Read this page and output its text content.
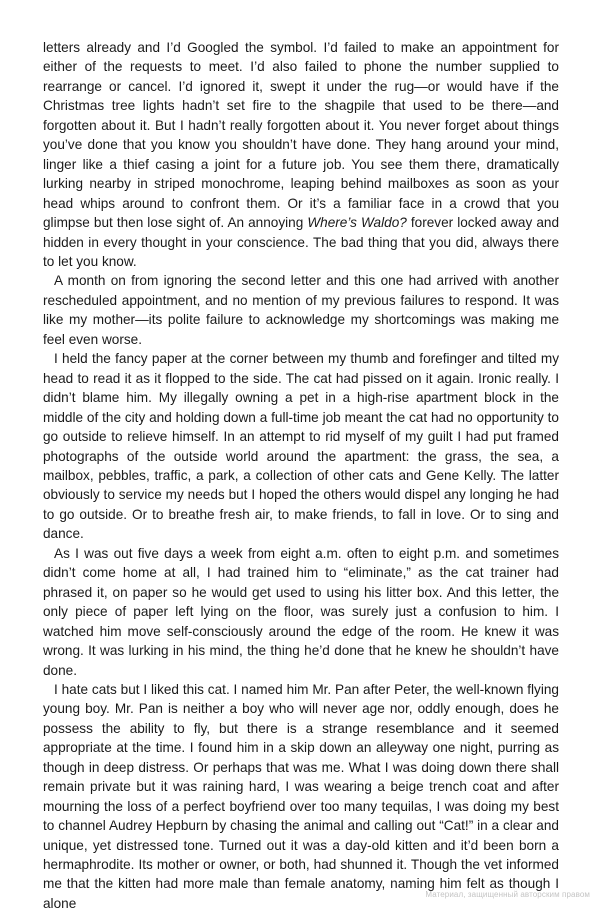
letters already and I’d Googled the symbol. I’d failed to make an appointment for either of the requests to meet. I’d also failed to phone the number supplied to rearrange or cancel. I’d ignored it, swept it under the rug—or would have if the Christmas tree lights hadn’t set fire to the shagpile that used to be there—and forgotten about it. But I hadn’t really forgotten about it. You never forget about things you’ve done that you know you shouldn’t have done. They hang around your mind, linger like a thief casing a joint for a future job. You see them there, dramatically lurking nearby in striped monochrome, leaping behind mailboxes as soon as your head whips around to confront them. Or it’s a familiar face in a crowd that you glimpse but then lose sight of. An annoying Where’s Waldo? forever locked away and hidden in every thought in your conscience. The bad thing that you did, always there to let you know.

A month on from ignoring the second letter and this one had arrived with another rescheduled appointment, and no mention of my previous failures to respond. It was like my mother—its polite failure to acknowledge my shortcomings was making me feel even worse.

I held the fancy paper at the corner between my thumb and forefinger and tilted my head to read it as it flopped to the side. The cat had pissed on it again. Ironic really. I didn’t blame him. My illegally owning a pet in a high-rise apartment block in the middle of the city and holding down a full-time job meant the cat had no opportunity to go outside to relieve himself. In an attempt to rid myself of my guilt I had put framed photographs of the outside world around the apartment: the grass, the sea, a mailbox, pebbles, traffic, a park, a collection of other cats and Gene Kelly. The latter obviously to service my needs but I hoped the others would dispel any longing he had to go outside. Or to breathe fresh air, to make friends, to fall in love. Or to sing and dance.

As I was out five days a week from eight a.m. often to eight p.m. and sometimes didn’t come home at all, I had trained him to “eliminate,” as the cat trainer had phrased it, on paper so he would get used to using his litter box. And this letter, the only piece of paper left lying on the floor, was surely just a confusion to him. I watched him move self-consciously around the edge of the room. He knew it was wrong. It was lurking in his mind, the thing he’d done that he knew he shouldn’t have done.

I hate cats but I liked this cat. I named him Mr. Pan after Peter, the well-known flying young boy. Mr. Pan is neither a boy who will never age nor, oddly enough, does he possess the ability to fly, but there is a strange resemblance and it seemed appropriate at the time. I found him in a skip down an alleyway one night, purring as though in deep distress. Or perhaps that was me. What I was doing down there shall remain private but it was raining hard, I was wearing a beige trench coat and after mourning the loss of a perfect boyfriend over too many tequilas, I was doing my best to channel Audrey Hepburn by chasing the animal and calling out “Cat!” in a clear and unique, yet distressed tone. Turned out it was a day-old kitten and it’d been born a hermaphrodite. Its mother or owner, or both, had shunned it. Though the vet informed me that the kitten had more male than female anatomy, naming him felt as though I alone

Материал, защищенный авторским правом
